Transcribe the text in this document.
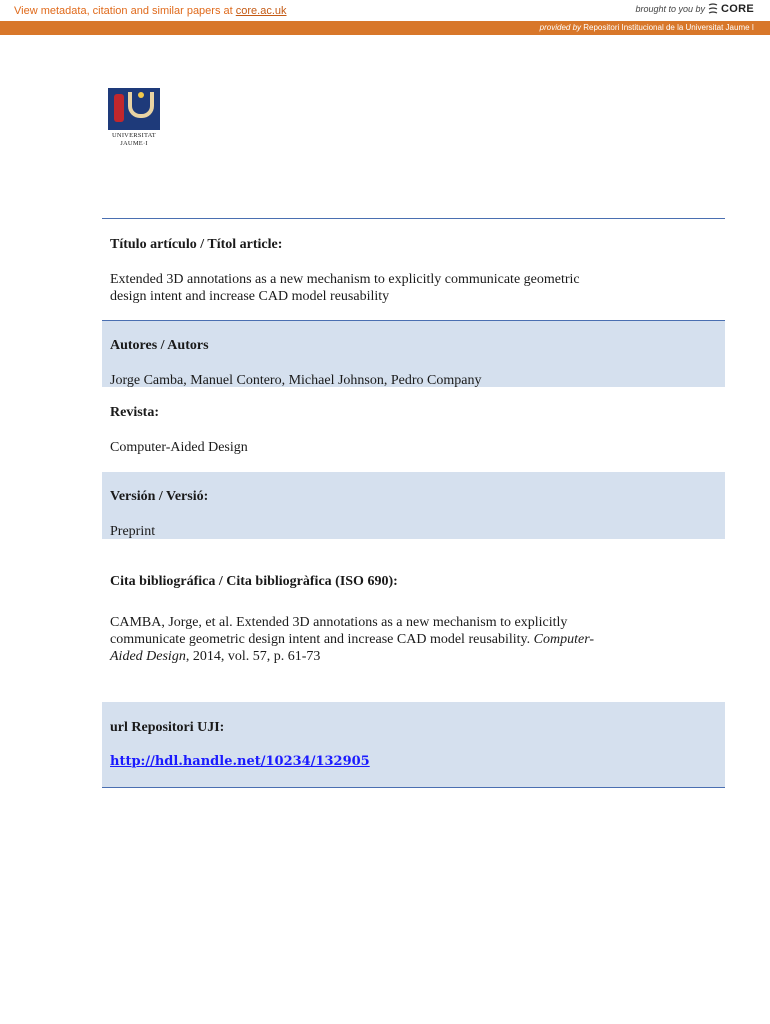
View metadata, citation and similar papers at core.ac.uk	brought to you by CORE
provided by Repositori Institucional de la Universitat Jaume I
UNIVERSITAT
JAUME·I
Título artículo / Títol article:
Extended 3D annotations as a new mechanism to explicitly communicate geometric
design intent and increase CAD model reusability
Autores / Autors
Jorge Camba, Manuel Contero, Michael Johnson, Pedro Company
Revista:
Computer-Aided Design
Versión / Versió:
Preprint
Cita bibliográfica / Cita bibliogràfica (ISO 690):
CAMBA, Jorge, et al. Extended 3D annotations as a new mechanism to explicitly
communicate geometric design intent and increase CAD model reusability. Computer-
Aided Design, 2014, vol. 57, p. 61-73
url Repositori UJI:
http://hdl.handle.net/10234/132905
